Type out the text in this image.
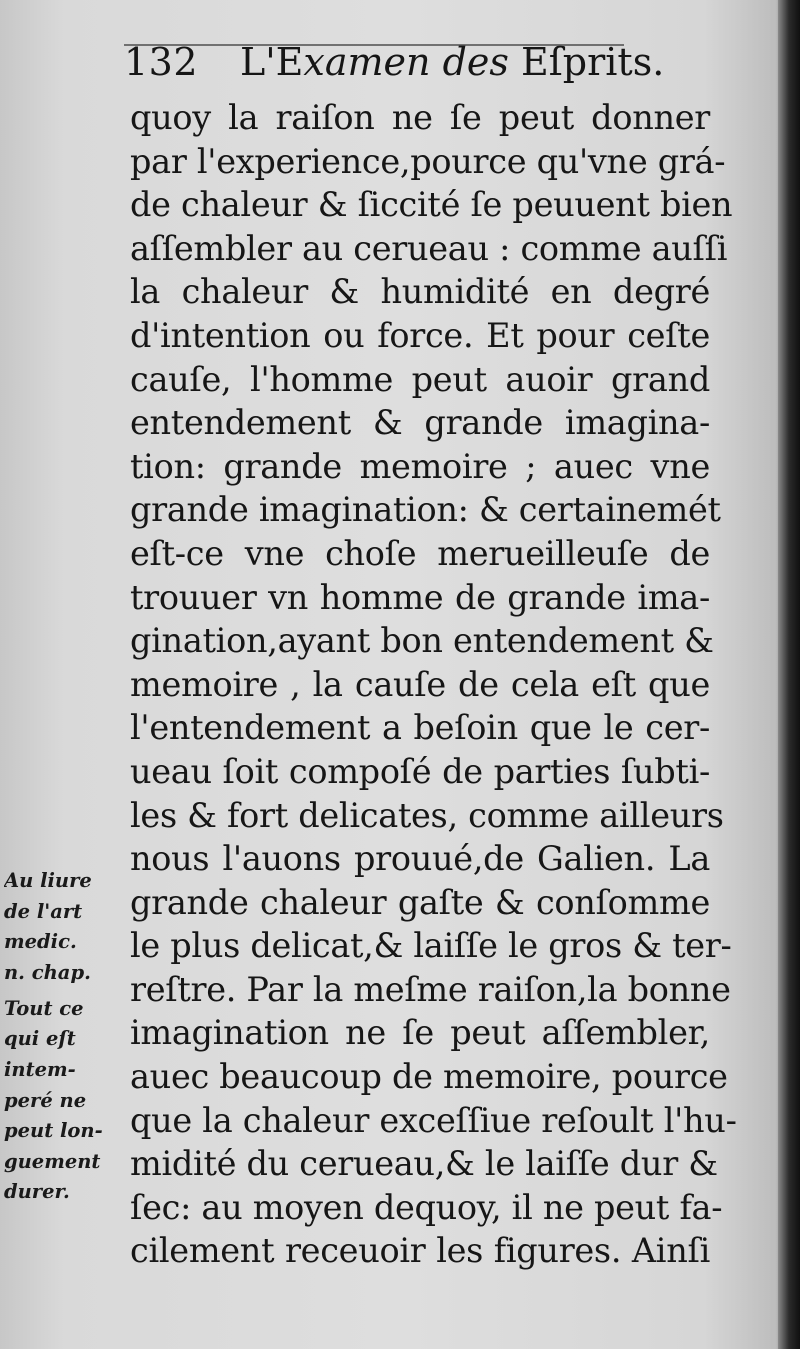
132 L'Examen des Eſprits.
quoy la raiſon ne ſe peut donner
par l'experience,pource qu'vne grá-
de chaleur & ſiccité ſe peuuent bien
aſſembler au cerueau : comme auſſi
la chaleur & humidité en degré
d'intention ou force. Et pour ceſte
cauſe, l'homme peut auoir grand
entendement & grande imagina-
tion: grande memoire ; auec vne
grande imagination: & certainemét
eſt-ce vne choſe merueilleuſe de
trouuer vn homme de grande ima-
gination,ayant bon entendement &
memoire , la cauſe de cela eſt que
l'entendement a beſoin que le cer-
ueau ſoit compoſé de parties ſubti-
les & fort delicates, comme ailleurs
nous l'auons prouué,de Galien. La
grande chaleur gaſte & conſomme
le plus delicat,& laiſſe le gros & ter-
reſtre. Par la meſme raiſon,la bonne
imagination ne ſe peut aſſembler,
auec beaucoup de memoire, pource
que la chaleur exceſſiue reſoult l'hu-
midité du cerueau,& le laiſſe dur &
ſec: au moyen dequoy, il ne peut fa-
cilement receuoir les figures. Ainſi
Au liure
de l'art
medic.
n. chap.
Tout ce
qui eſt
intem-
peré ne
peut lon-
guement
durer.
